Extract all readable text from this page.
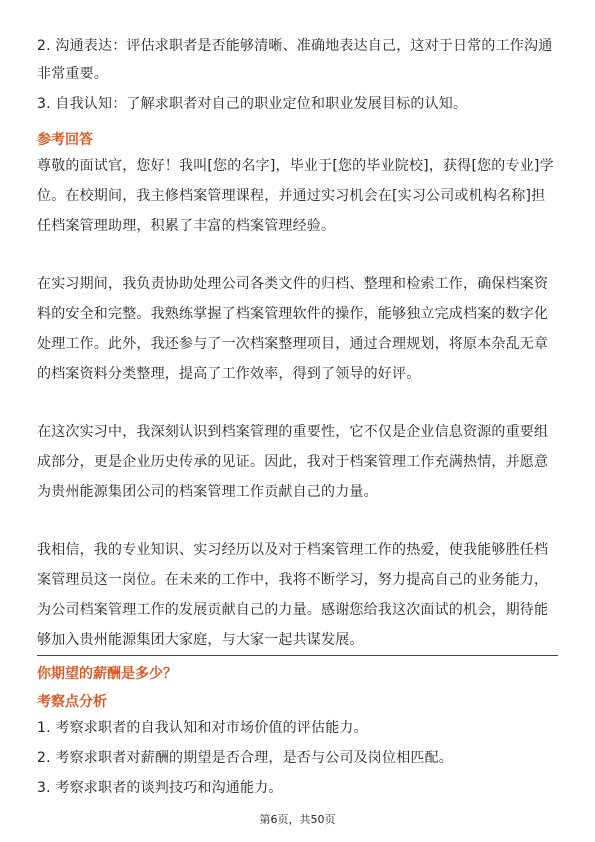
2. 沟通表达：评估求职者是否能够清晰、准确地表达自己，这对于日常的工作沟通
非常重要。
3. 自我认知：了解求职者对自己的职业定位和职业发展目标的认知。
参考回答
尊敬的面试官，您好！我叫[您的名字]，毕业于[您的毕业院校]，获得[您的专业]学
位。在校期间，我主修档案管理课程，并通过实习机会在[实习公司或机构名称]担
任档案管理助理，积累了丰富的档案管理经验。
在实习期间，我负责协助处理公司各类文件的归档、整理和检索工作，确保档案资
料的安全和完整。我熟练掌握了档案管理软件的操作，能够独立完成档案的数字化
处理工作。此外，我还参与了一次档案整理项目，通过合理规划，将原本杂乱无章
的档案资料分类整理，提高了工作效率，得到了领导的好评。
在这次实习中，我深刻认识到档案管理的重要性，它不仅是企业信息资源的重要组
成部分，更是企业历史传承的见证。因此，我对于档案管理工作充满热情，并愿意
为贵州能源集团公司的档案管理工作贡献自己的力量。
我相信，我的专业知识、实习经历以及对于档案管理工作的热爱，使我能够胜任档
案管理员这一岗位。在未来的工作中，我将不断学习，努力提高自己的业务能力，
为公司档案管理工作的发展贡献自己的力量。感谢您给我这次面试的机会，期待能
够加入贵州能源集团大家庭，与大家一起共谋发展。
你期望的薪酬是多少？
考察点分析
1. 考察求职者的自我认知和对市场价值的评估能力。
2. 考察求职者对薪酬的期望是否合理，是否与公司及岗位相匹配。
3. 考察求职者的谈判技巧和沟通能力。
第6页，共50页
